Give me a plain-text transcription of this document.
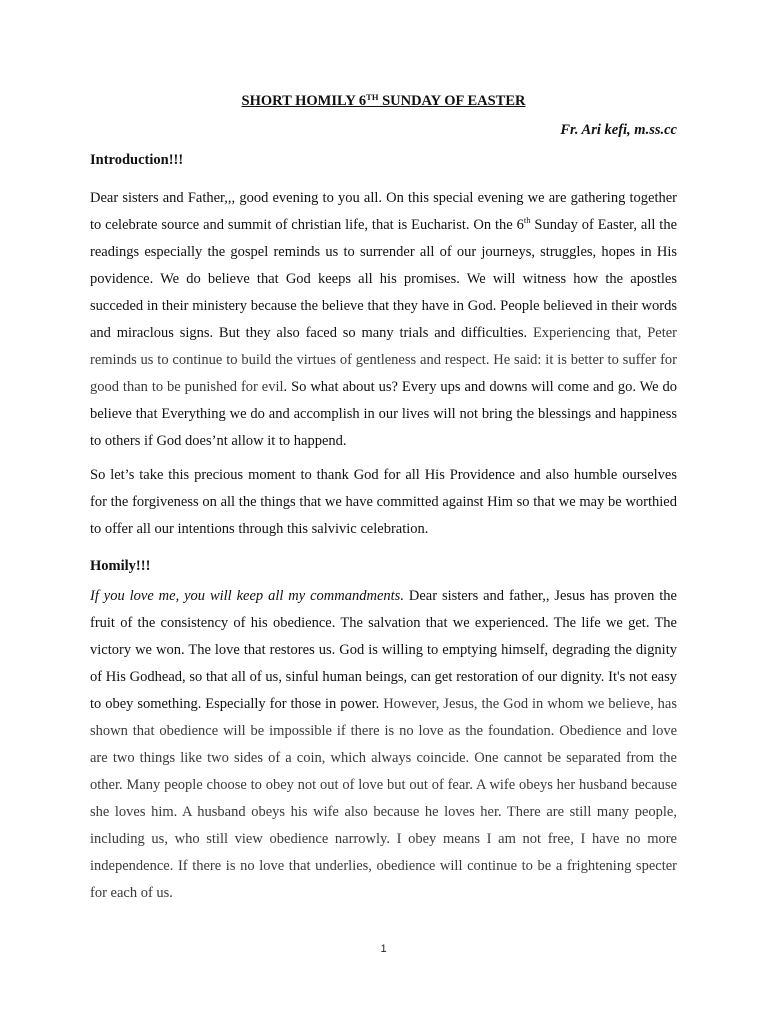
SHORT HOMILY 6TH SUNDAY OF EASTER
Fr. Ari kefi, m.ss.cc
Introduction!!!
Dear sisters and Father,,, good evening to you all. On this special evening we are gathering together to celebrate source and summit of christian life, that is Eucharist. On the 6th Sunday of Easter, all the readings especially the gospel reminds us to surrender all of our journeys, struggles, hopes in His povidence. We do believe that God keeps all his promises. We will witness how the apostles succeded in their ministery because the believe that they have in God. People believed in their words and miraclous signs. But they also faced so many trials and difficulties. Experiencing that, Peter reminds us to continue to build the virtues of gentleness and respect. He said: it is better to suffer for good than to be punished for evil. So what about us? Every ups and downs will come and go. We do believe that Everything we do and accomplish in our lives will not bring the blessings and happiness to others if God does’nt allow it to happend.
So let’s take this precious moment to thank God for all His Providence and also humble ourselves for the forgiveness on all the things that we have committed against Him so that we may be worthied to offer all our intentions through this salvivic celebration.
Homily!!!
If you love me, you will keep all my commandments. Dear sisters and father,, Jesus has proven the fruit of the consistency of his obedience. The salvation that we experienced. The life we get. The victory we won. The love that restores us. God is willing to emptying himself, degrading the dignity of His Godhead, so that all of us, sinful human beings, can get restoration of our dignity. It's not easy to obey something. Especially for those in power. However, Jesus, the God in whom we believe, has shown that obedience will be impossible if there is no love as the foundation. Obedience and love are two things like two sides of a coin, which always coincide. One cannot be separated from the other. Many people choose to obey not out of love but out of fear. A wife obeys her husband because she loves him. A husband obeys his wife also because he loves her. There are still many people, including us, who still view obedience narrowly. I obey means I am not free, I have no more independence. If there is no love that underlies, obedience will continue to be a frightening specter for each of us.
1
